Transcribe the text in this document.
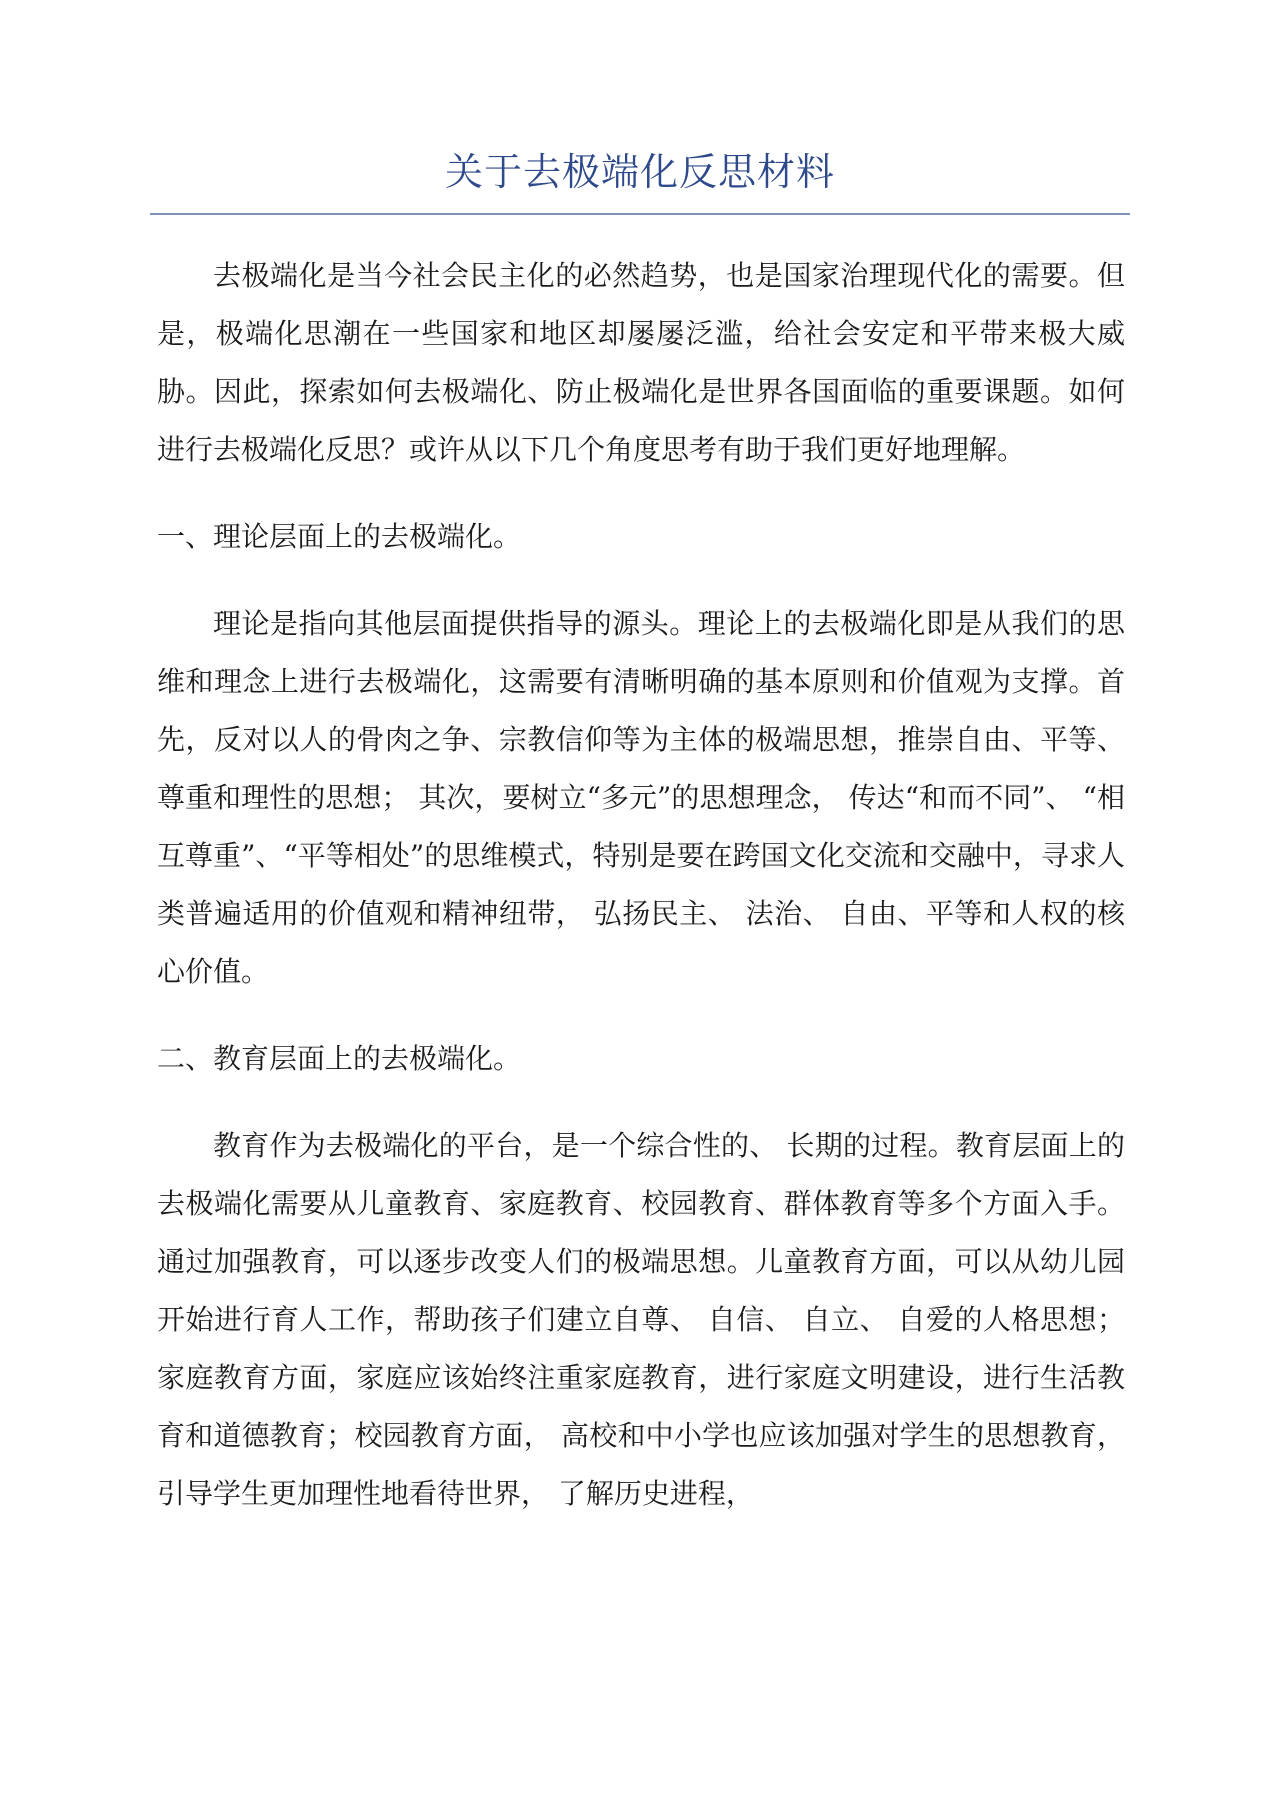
关于去极端化反思材料

去极端化是当今社会民主化的必然趋势，也是国家治理现代化的需要。但是，极端化思潮在一些国家和地区却屡屡泛滥，给社会安定和平带来极大威胁。因此，探索如何去极端化、防止极端化是世界各国面临的重要课题。如何进行去极端化反思？或许从以下几个角度思考有助于我们更好地理解。

一、理论层面上的去极端化。

理论是指向其他层面提供指导的源头。理论上的去极端化即是从我们的思维和理念上进行去极端化，这需要有清晰明确的基本原则和价值观为支撑。首先，反对以人的骨肉之争、宗教信仰等为主体的极端思想，推崇自由、平等、尊重和理性的思想； 其次，要树立“多元”的思想理念， 传达“和而不同”、 “相互尊重”、“平等相处”的思维模式，特别是要在跨国文化交流和交融中，寻求人类普遍适用的价值观和精神纽带， 弘扬民主、 法治、 自由、平等和人权的核心价值。

二、教育层面上的去极端化。

教育作为去极端化的平台，是一个综合性的、 长期的过程。教育层面上的去极端化需要从儿童教育、家庭教育、校园教育、群体教育等多个方面入手。通过加强教育，可以逐步改变人们的极端思想。儿童教育方面，可以从幼儿园开始进行育人工作，帮助孩子们建立自尊、 自信、 自立、 自爱的人格思想； 家庭教育方面，家庭应该始终注重家庭教育，进行家庭文明建设，进行生活教育和道德教育；校园教育方面， 高校和中小学也应该加强对学生的思想教育，引导学生更加理性地看待世界， 了解历史进程，
